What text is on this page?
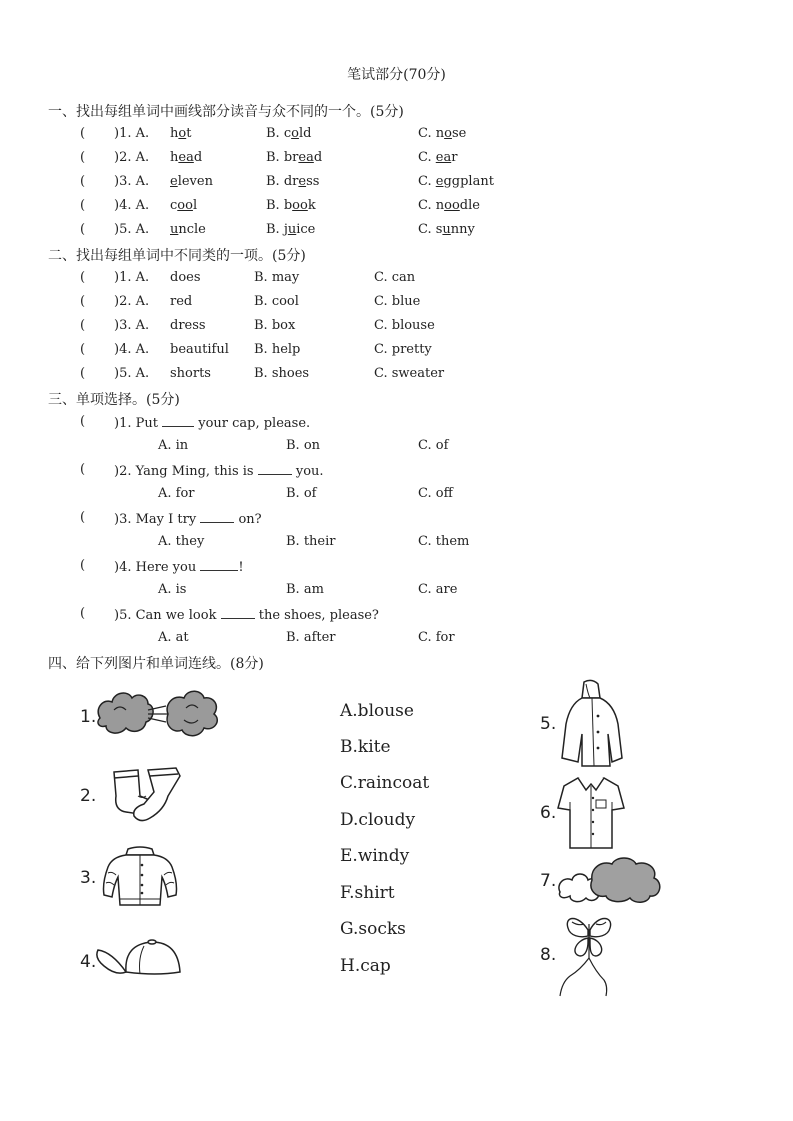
笔试部分(70分)
一、找出每组单词中画线部分读音与众不同的一个。(5分)
( )1. A. hot	B. cold	C. nose
( )2. A. head	B. bread	C. ear
( )3. A. eleven	B. dress	C. eggplant
( )4. A. cool	B. book	C. noodle
( )5. A. uncle	B. juice	C. sunny
二、找出每组单词中不同类的一项。(5分)
( )1. A. does	B. may	C. can
( )2. A. red	B. cool	C. blue
( )3. A. dress	B. box	C. blouse
( )4. A. beautiful B. help	C. pretty
( )5. A. shorts	B. shoes	C. sweater
三、单项选择。(5分)
( )1. Put  your cap, please.
A. in	B. on	C. of
( )2. Yang Ming, this is	you.
A. for	B. of	C. off
( )3. May I try	on?
A. they	B. their	C. them
( )4. Here you	!
A. is	B. am	C. are
( )5. Can we look	the shoes, please?
A. at	B. after	C. for
四、给下列图片和单词连线。(8分)
1.
2.
3.
4.
5.
6.
7.
8.
A.blouse
B.kite
C.raincoat
D.cloudy
E.windy
F.shirt
G.socks
H.cap
